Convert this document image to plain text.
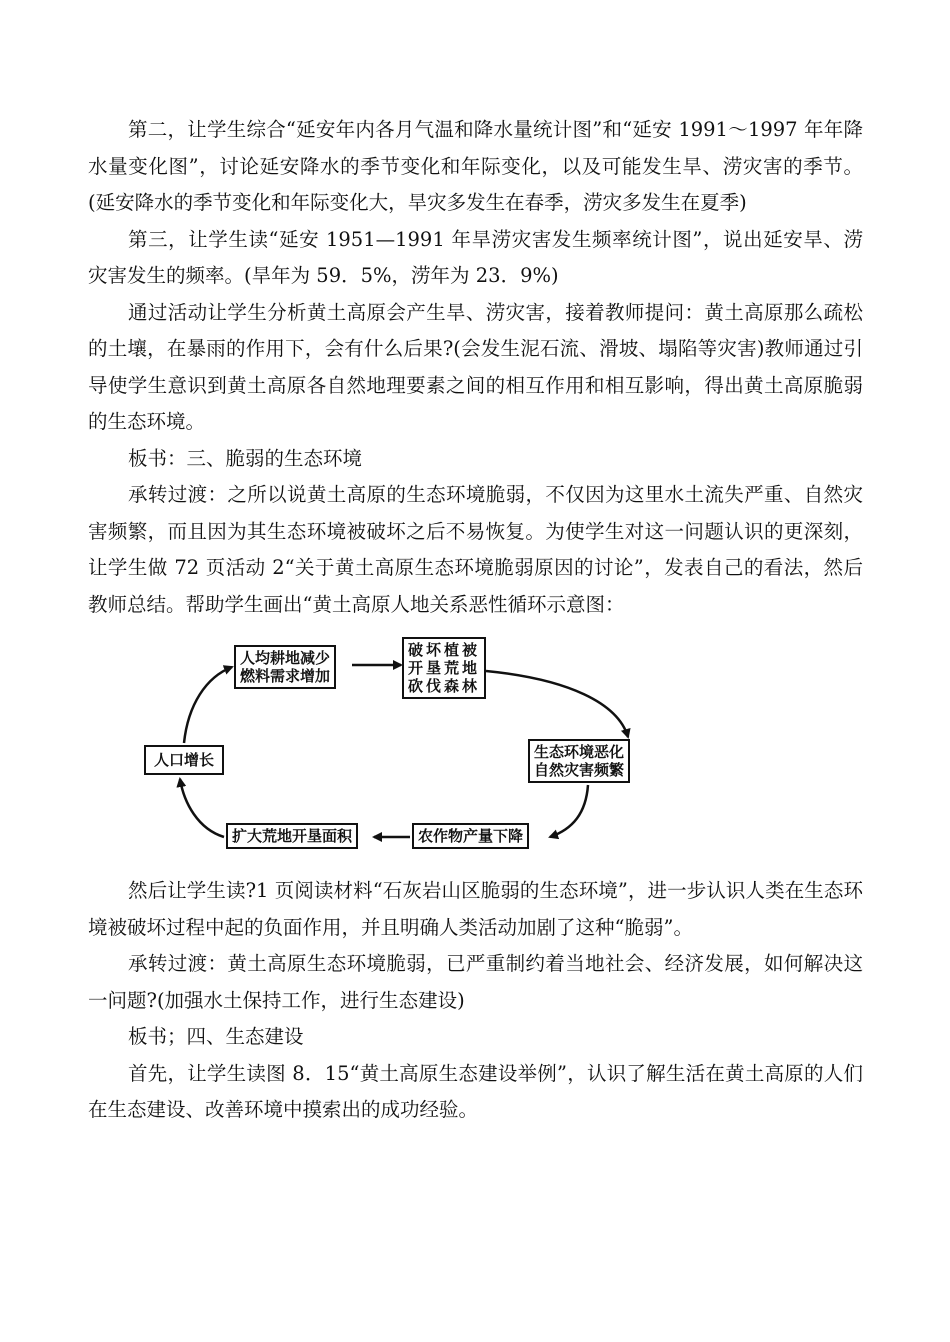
第二，让学生综合“延安年内各月气温和降水量统计图”和“延安 1991～1997 年年降水量变化图”，讨论延安降水的季节变化和年际变化，以及可能发生旱、涝灾害的季节。(延安降水的季节变化和年际变化大，旱灾多发生在春季，涝灾多发生在夏季)

第三，让学生读“延安 1951—1991 年旱涝灾害发生频率统计图”，说出延安旱、涝灾害发生的频率。(旱年为 59．5%，涝年为 23．9%)

通过活动让学生分析黄土高原会产生旱、涝灾害，接着教师提问：黄土高原那么疏松的土壤，在暴雨的作用下，会有什么后果?(会发生泥石流、滑坡、塌陷等灾害)教师通过引导使学生意识到黄土高原各自然地理要素之间的相互作用和相互影响，得出黄土高原脆弱的生态环境。

板书：三、脆弱的生态环境

承转过渡：之所以说黄土高原的生态环境脆弱，不仅因为这里水土流失严重、自然灾害频繁，而且因为其生态环境被破坏之后不易恢复。为使学生对这一问题认识的更深刻，让学生做 72 页活动 2“关于黄土高原生态环境脆弱原因的讨论”，发表自己的看法，然后教师总结。帮助学生画出“黄土高原人地关系恶性循环示意图：

人均耕地减少
燃料需求增加
破坏植被
开垦荒地
砍伐森林
生态环境恶化
自然灾害频繁
农作物产量下降
扩大荒地开垦面积
人口增长

然后让学生读?1 页阅读材料“石灰岩山区脆弱的生态环境”，进一步认识人类在生态环境被破坏过程中起的负面作用，并且明确人类活动加剧了这种“脆弱”。

承转过渡：黄土高原生态环境脆弱，已严重制约着当地社会、经济发展，如何解决这一问题?(加强水土保持工作，进行生态建设)

板书；四、生态建设

首先，让学生读图 8．15“黄土高原生态建设举例”，认识了解生活在黄土高原的人们在生态建设、改善环境中摸索出的成功经验。
